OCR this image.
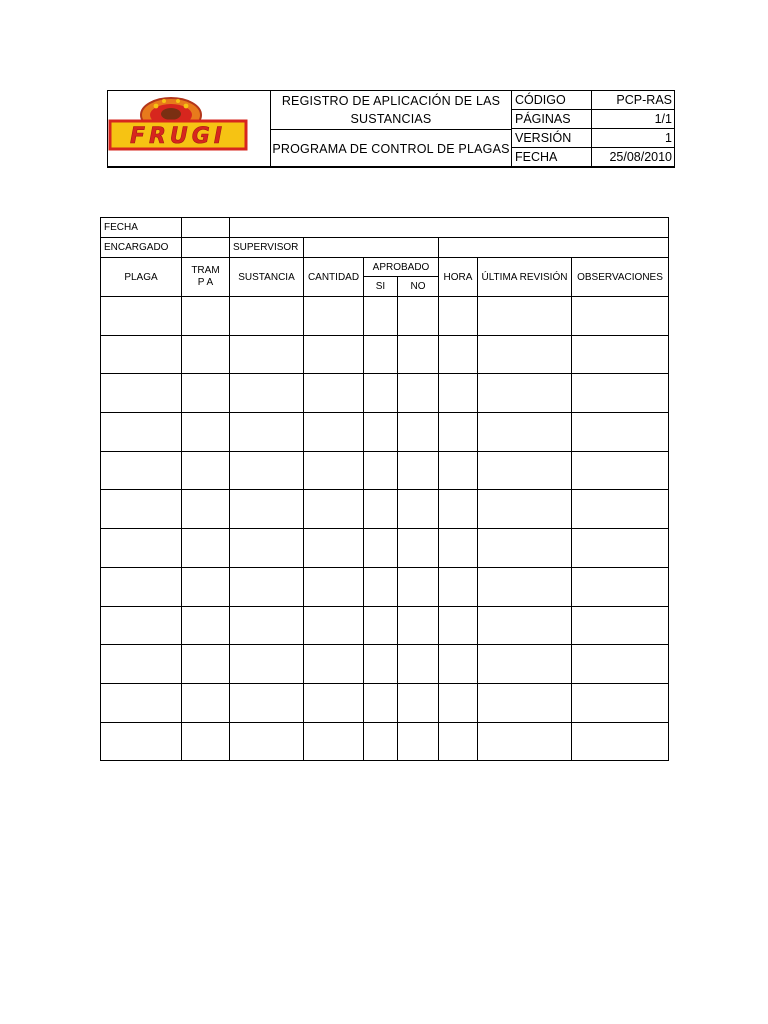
FRUGI
REGISTRO DE APLICACIÓN DE LAS SUSTANCIAS
PROGRAMA DE CONTROL DE PLAGAS
CÓDIGO	PCP-RAS
PÁGINAS	1/1
VERSIÓN	1
FECHA	25/08/2010
FECHA								
ENCARGADO		SUPERVISOR						
PLAGA	TRAMP A	SUSTANCIA	CANTIDAD	APROBADO		HORA	ÚLTIMA REVISIÓN	OBSERVACIONES
				SI	NO			
